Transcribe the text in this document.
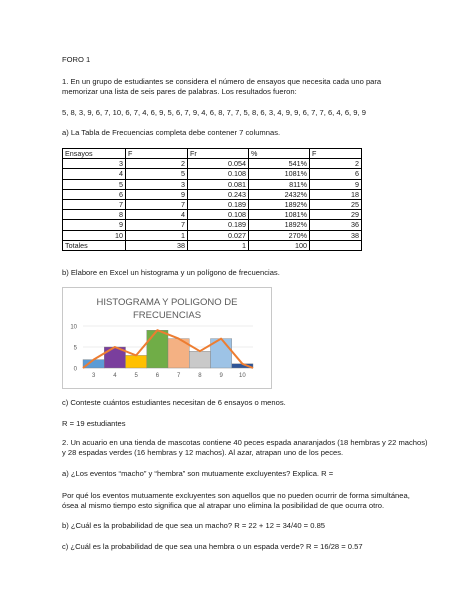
FORO 1
1. En un grupo de estudiantes se considera el número de ensayos que necesita cada uno para
memorizar una lista de seis pares de palabras. Los resultados fueron:
5, 8, 3, 9, 6, 7, 10, 6, 7, 4, 6, 9, 5, 6, 7, 9, 4, 6, 8, 7, 7, 5, 8, 6, 3, 4, 9, 9, 6, 7, 7, 6, 4, 6, 9, 9
a) La Tabla de Frecuencias completa debe contener 7 columnas.
Ensayos	F	Fr	%	F
3	2	0.054	541%	2
4	5	0.108	1081%	6
5	3	0.081	811%	9
6	9	0.243	2432%	18
7	7	0.189	1892%	25
8	4	0.108	1081%	29
9	7	0.189	1892%	36
10	1	0.027	270%	38
Totales	38	1	100	
b) Elabore en Excel un histograma y un polígono de frecuencias.
HISTOGRAMA Y POLIGONO DE
FRECUENCIAS
0
5
10
3	4	5	6	7	8	9	10
c) Conteste cuántos estudiantes necesitan de 6 ensayos o menos.
R = 19 estudiantes
2. Un acuario en una tienda de mascotas contiene 40 peces espada anaranjados (18 hembras y 22 machos)
y 28 espadas verdes (16 hembras y 12 machos). Al azar, atrapan uno de los peces.
a) ¿Los eventos “macho” y “hembra” son mutuamente excluyentes? Explica. R =
Por qué los eventos mutuamente excluyentes son aquellos que no pueden ocurrir de forma simultánea,
ósea al mismo tiempo esto significa que al atrapar uno elimina la posibilidad de que ocurra otro.
b) ¿Cuál es la probabilidad de que sea un macho? R = 22 + 12 = 34/40 = 0.85
c) ¿Cuál es la probabilidad de que sea una hembra o un espada verde? R = 16/28 = 0.57
